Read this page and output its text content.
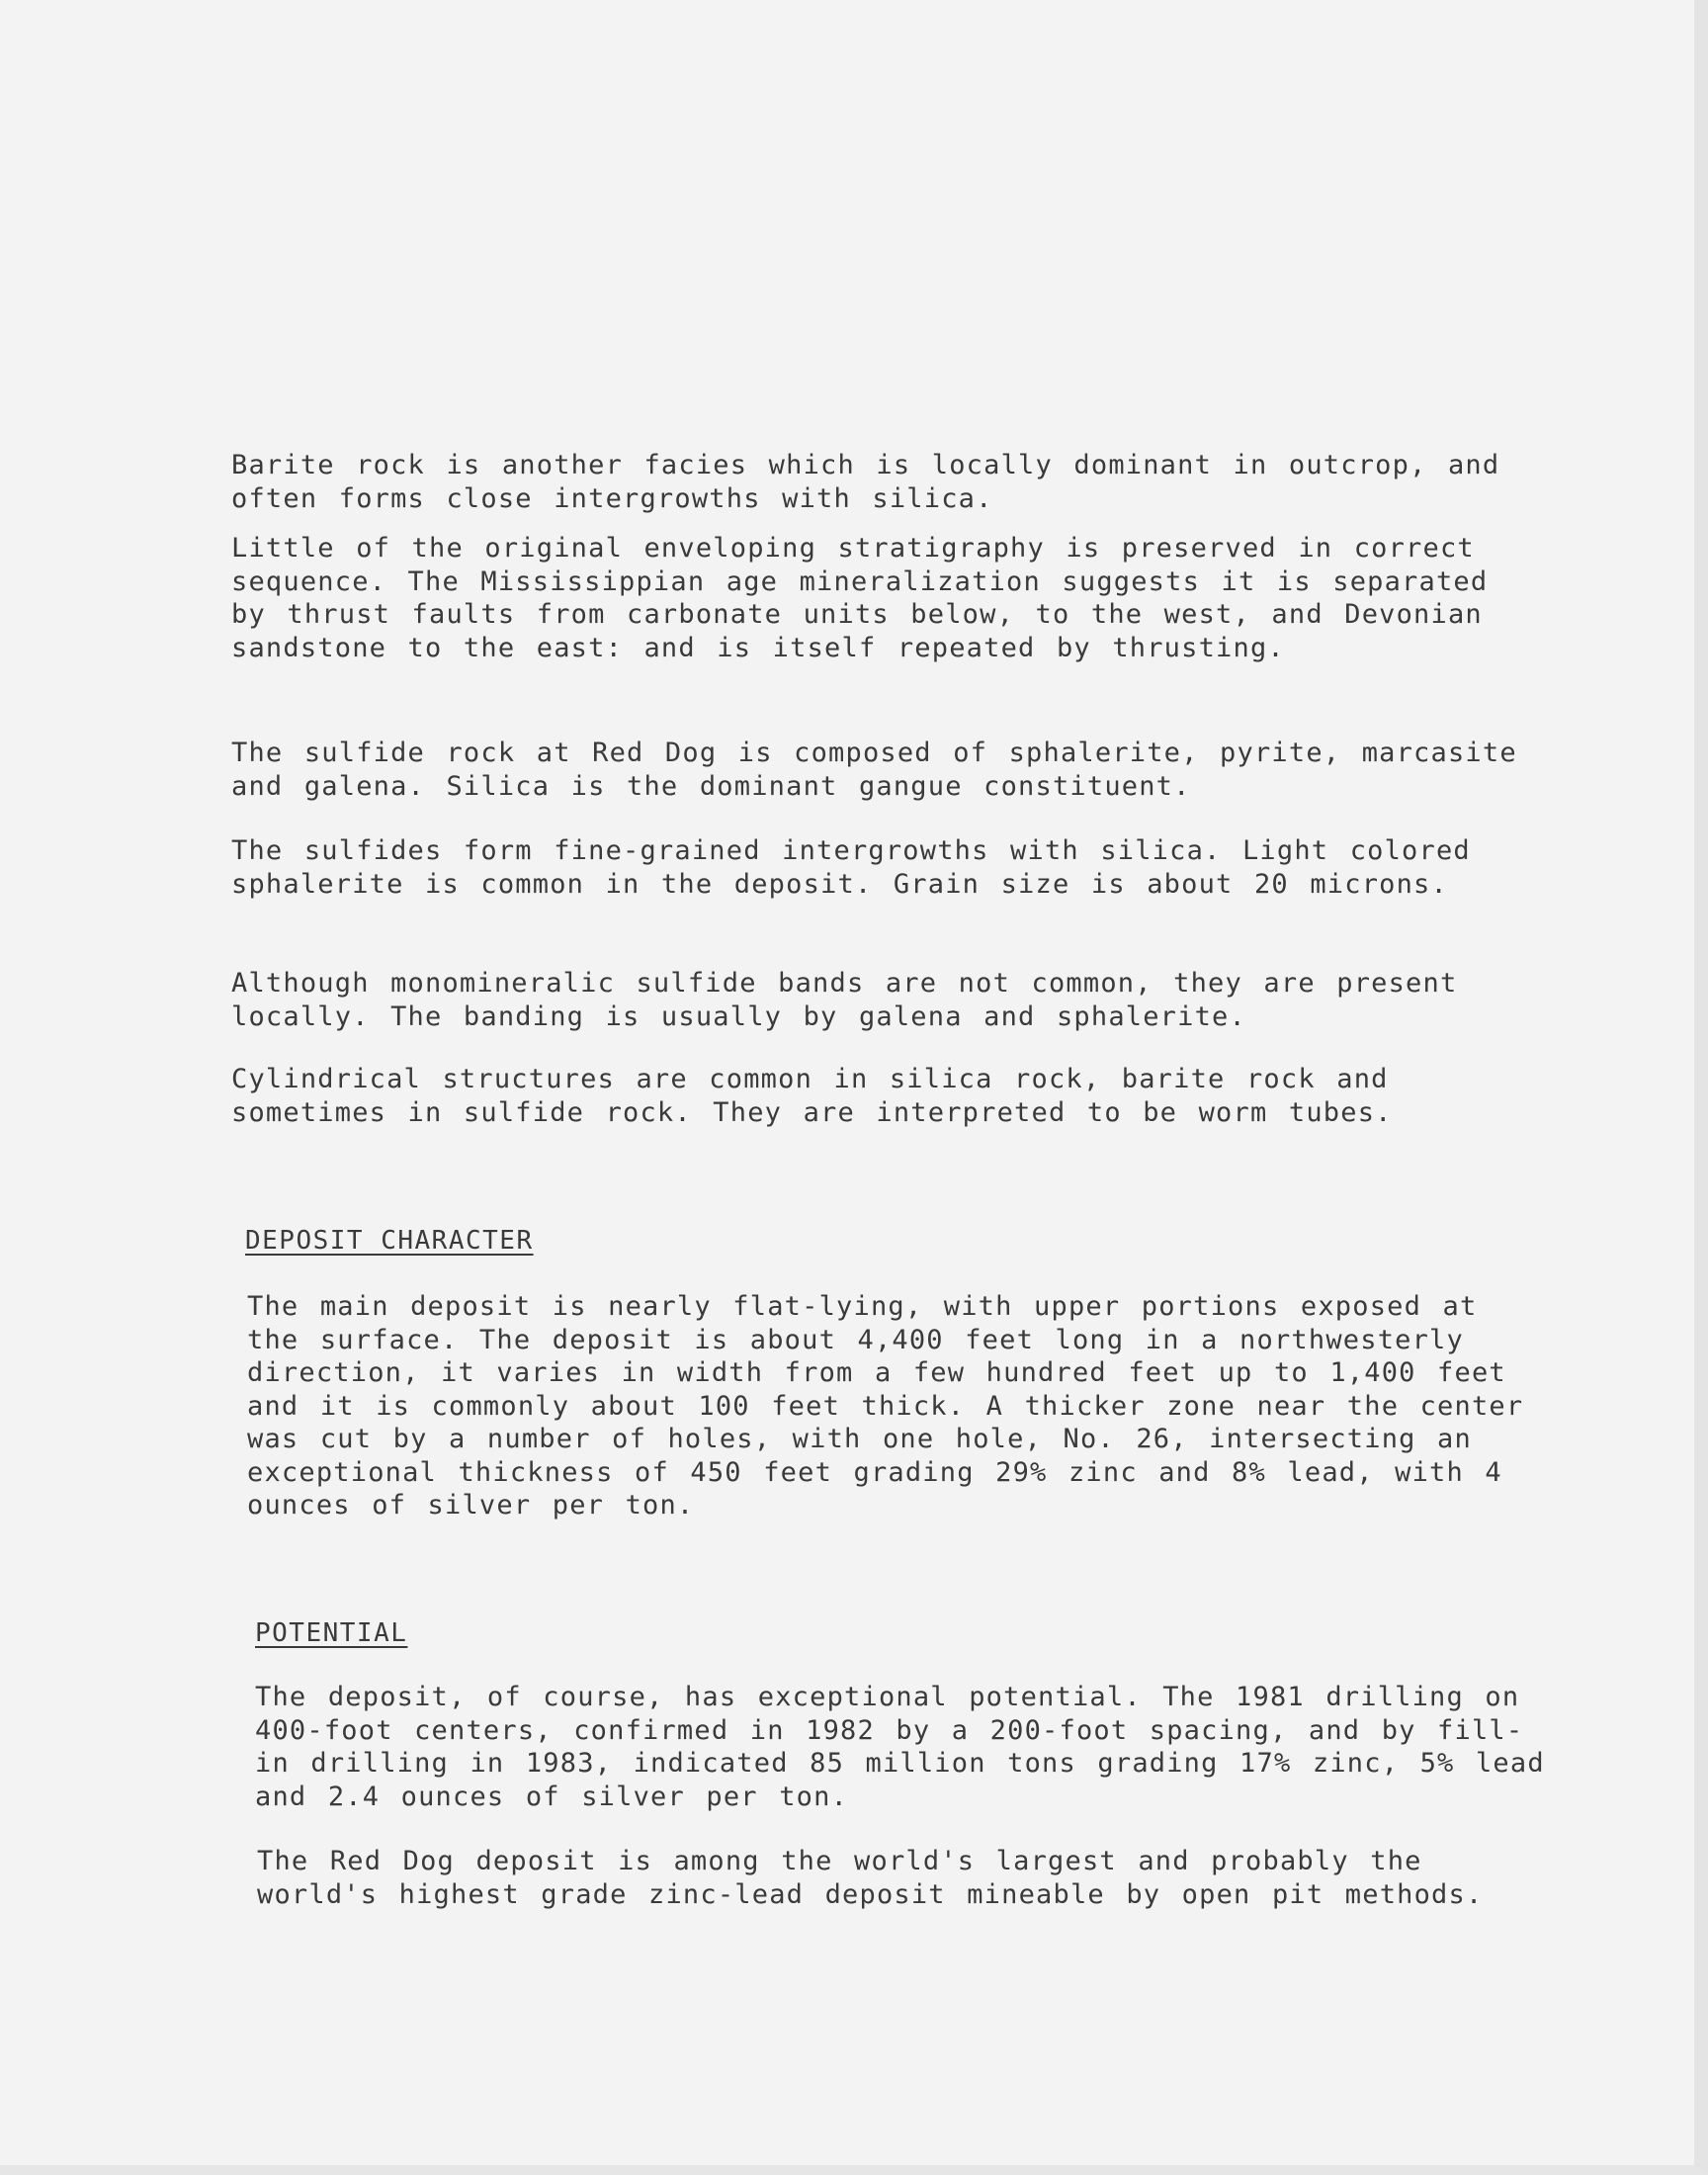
Barite rock is another facies which is locally dominant in outcrop, and often forms close intergrowths with silica.

Little of the original enveloping stratigraphy is preserved in correct sequence. The Mississippian age mineralization suggests it is separated by thrust faults from carbonate units below, to the west, and Devonian sandstone to the east: and is itself repeated by thrusting.

The sulfide rock at Red Dog is composed of sphalerite, pyrite, marcasite and galena. Silica is the dominant gangue constituent.

The sulfides form fine-grained intergrowths with silica. Light colored sphalerite is common in the deposit. Grain size is about 20 microns.

Although monomineralic sulfide bands are not common, they are present locally. The banding is usually by galena and sphalerite.

Cylindrical structures are common in silica rock, barite rock and sometimes in sulfide rock. They are interpreted to be worm tubes.

DEPOSIT CHARACTER

The main deposit is nearly flat-lying, with upper portions exposed at the surface. The deposit is about 4,400 feet long in a northwesterly direction, it varies in width from a few hundred feet up to 1,400 feet and it is commonly about 100 feet thick. A thicker zone near the center was cut by a number of holes, with one hole, No. 26, intersecting an exceptional thickness of 450 feet grading 29% zinc and 8% lead, with 4 ounces of silver per ton.

POTENTIAL

The deposit, of course, has exceptional potential. The 1981 drilling on 400-foot centers, confirmed in 1982 by a 200-foot spacing, and by fill-in drilling in 1983, indicated 85 million tons grading 17% zinc, 5% lead and 2.4 ounces of silver per ton.

The Red Dog deposit is among the world's largest and probably the world's highest grade zinc-lead deposit mineable by open pit methods.
